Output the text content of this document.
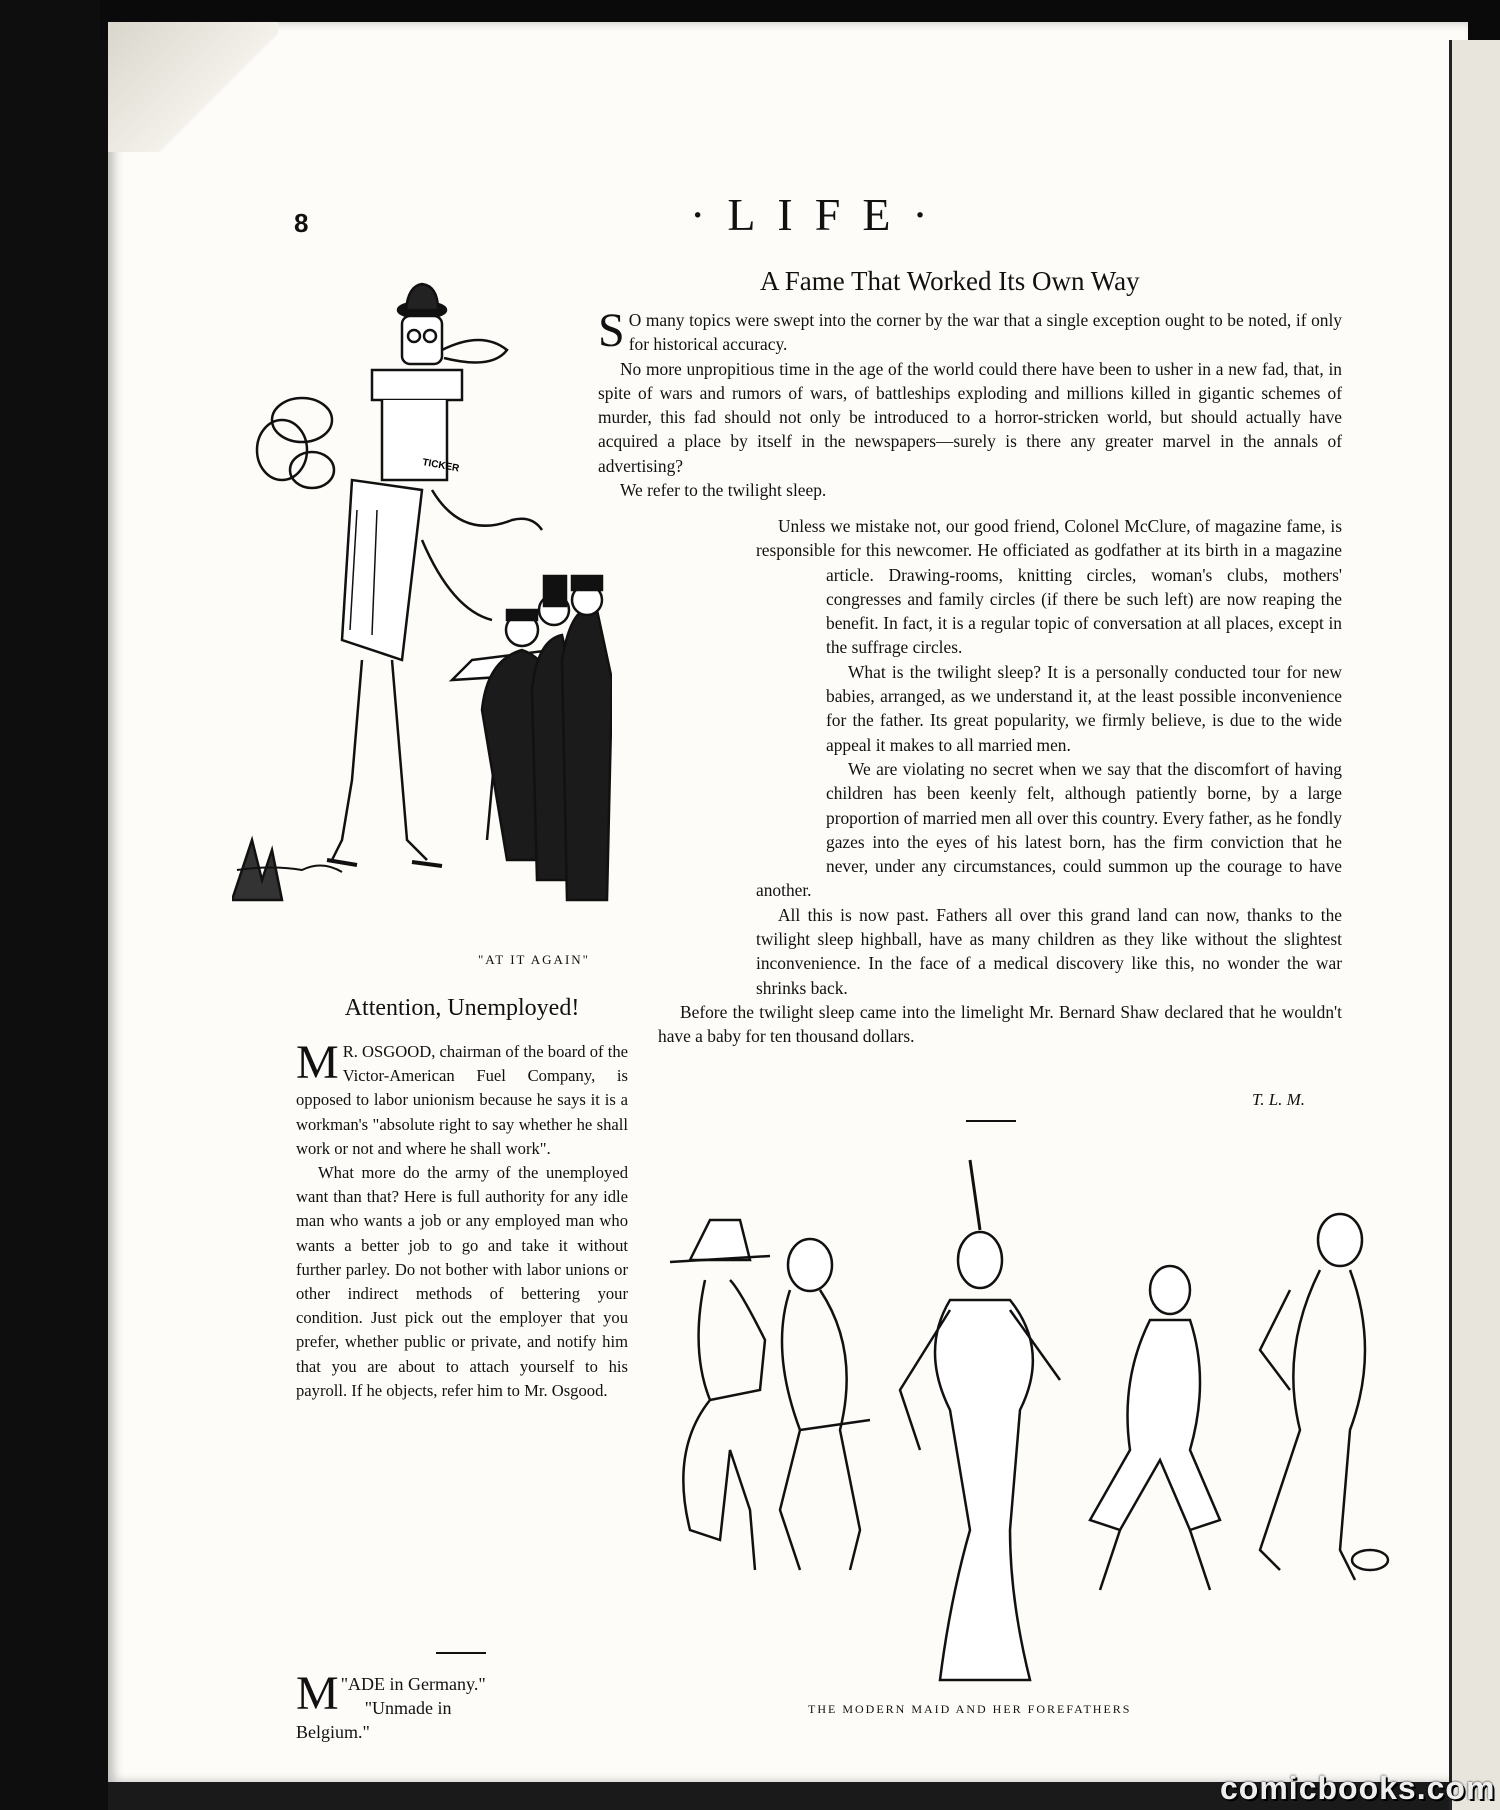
8	·LIFE·
A Fame That Worked Its Own Way
TICKER
"AT IT AGAIN"

S O many topics were swept into the corner by the war that a single exception ought to be noted, if only for historical accuracy.

No more unpropitious time in the age of the world could there have been to usher in a new fad, that, in spite of wars and rumors of wars, of battleships exploding and millions killed in gigantic schemes of murder, this fad should not only be introduced to a horror-stricken world, but should actually have acquired a place by itself in the newspapers—surely is there any greater marvel in the annals of advertising?

We refer to the twilight sleep.

Unless we mistake not, our good friend, Colonel McClure, of magazine fame, is responsible for this newcomer. He officiated as godfather at its birth in a magazine article. Drawing-rooms, knitting circles, woman's clubs, mothers' congresses and family circles (if there be such left) are now reaping the benefit. In fact, it is a regular topic of conversation at all places, except in the suffrage circles.

What is the twilight sleep? It is a personally conducted tour for new babies, arranged, as we understand it, at the least possible inconvenience for the father. Its great popularity, we firmly believe, is due to the wide appeal it makes to all married men.

We are violating no secret when we say that the discomfort of having children has been keenly felt, although patiently borne, by a large proportion of married men all over this country. Every father, as he fondly gazes into the eyes of his latest born, has the firm conviction that he never, under any circumstances, could summon up the courage to have another.

All this is now past. Fathers all over this grand land can now, thanks to the twilight sleep highball, have as many children as they like without the slightest inconvenience. In the face of a medical discovery like this, no wonder the war shrinks back.

Before the twilight sleep came into the limelight Mr. Bernard Shaw declared that he wouldn't have a baby for ten thousand dollars.

T. L. M.
Attention, Unemployed!

M R. OSGOOD, chairman of the board of the Victor-American Fuel Company, is opposed to labor unionism because he says it is a workman's "absolute right to say whether he shall work or not and where he shall work".

What more do the army of the unemployed want than that? Here is full authority for any idle man who wants a job or any employed man who wants a better job to go and take it without further parley. Do not bother with labor unions or other indirect methods of bettering your condition. Just pick out the employer that you prefer, whether public or private, and notify him that you are about to attach yourself to his payroll. If he objects, refer him to Mr. Osgood.

"
M ADE in Germany."
"Unmade in Belgium."
THE MODERN MAID AND HER FOREFATHERS
comicbooks.com
